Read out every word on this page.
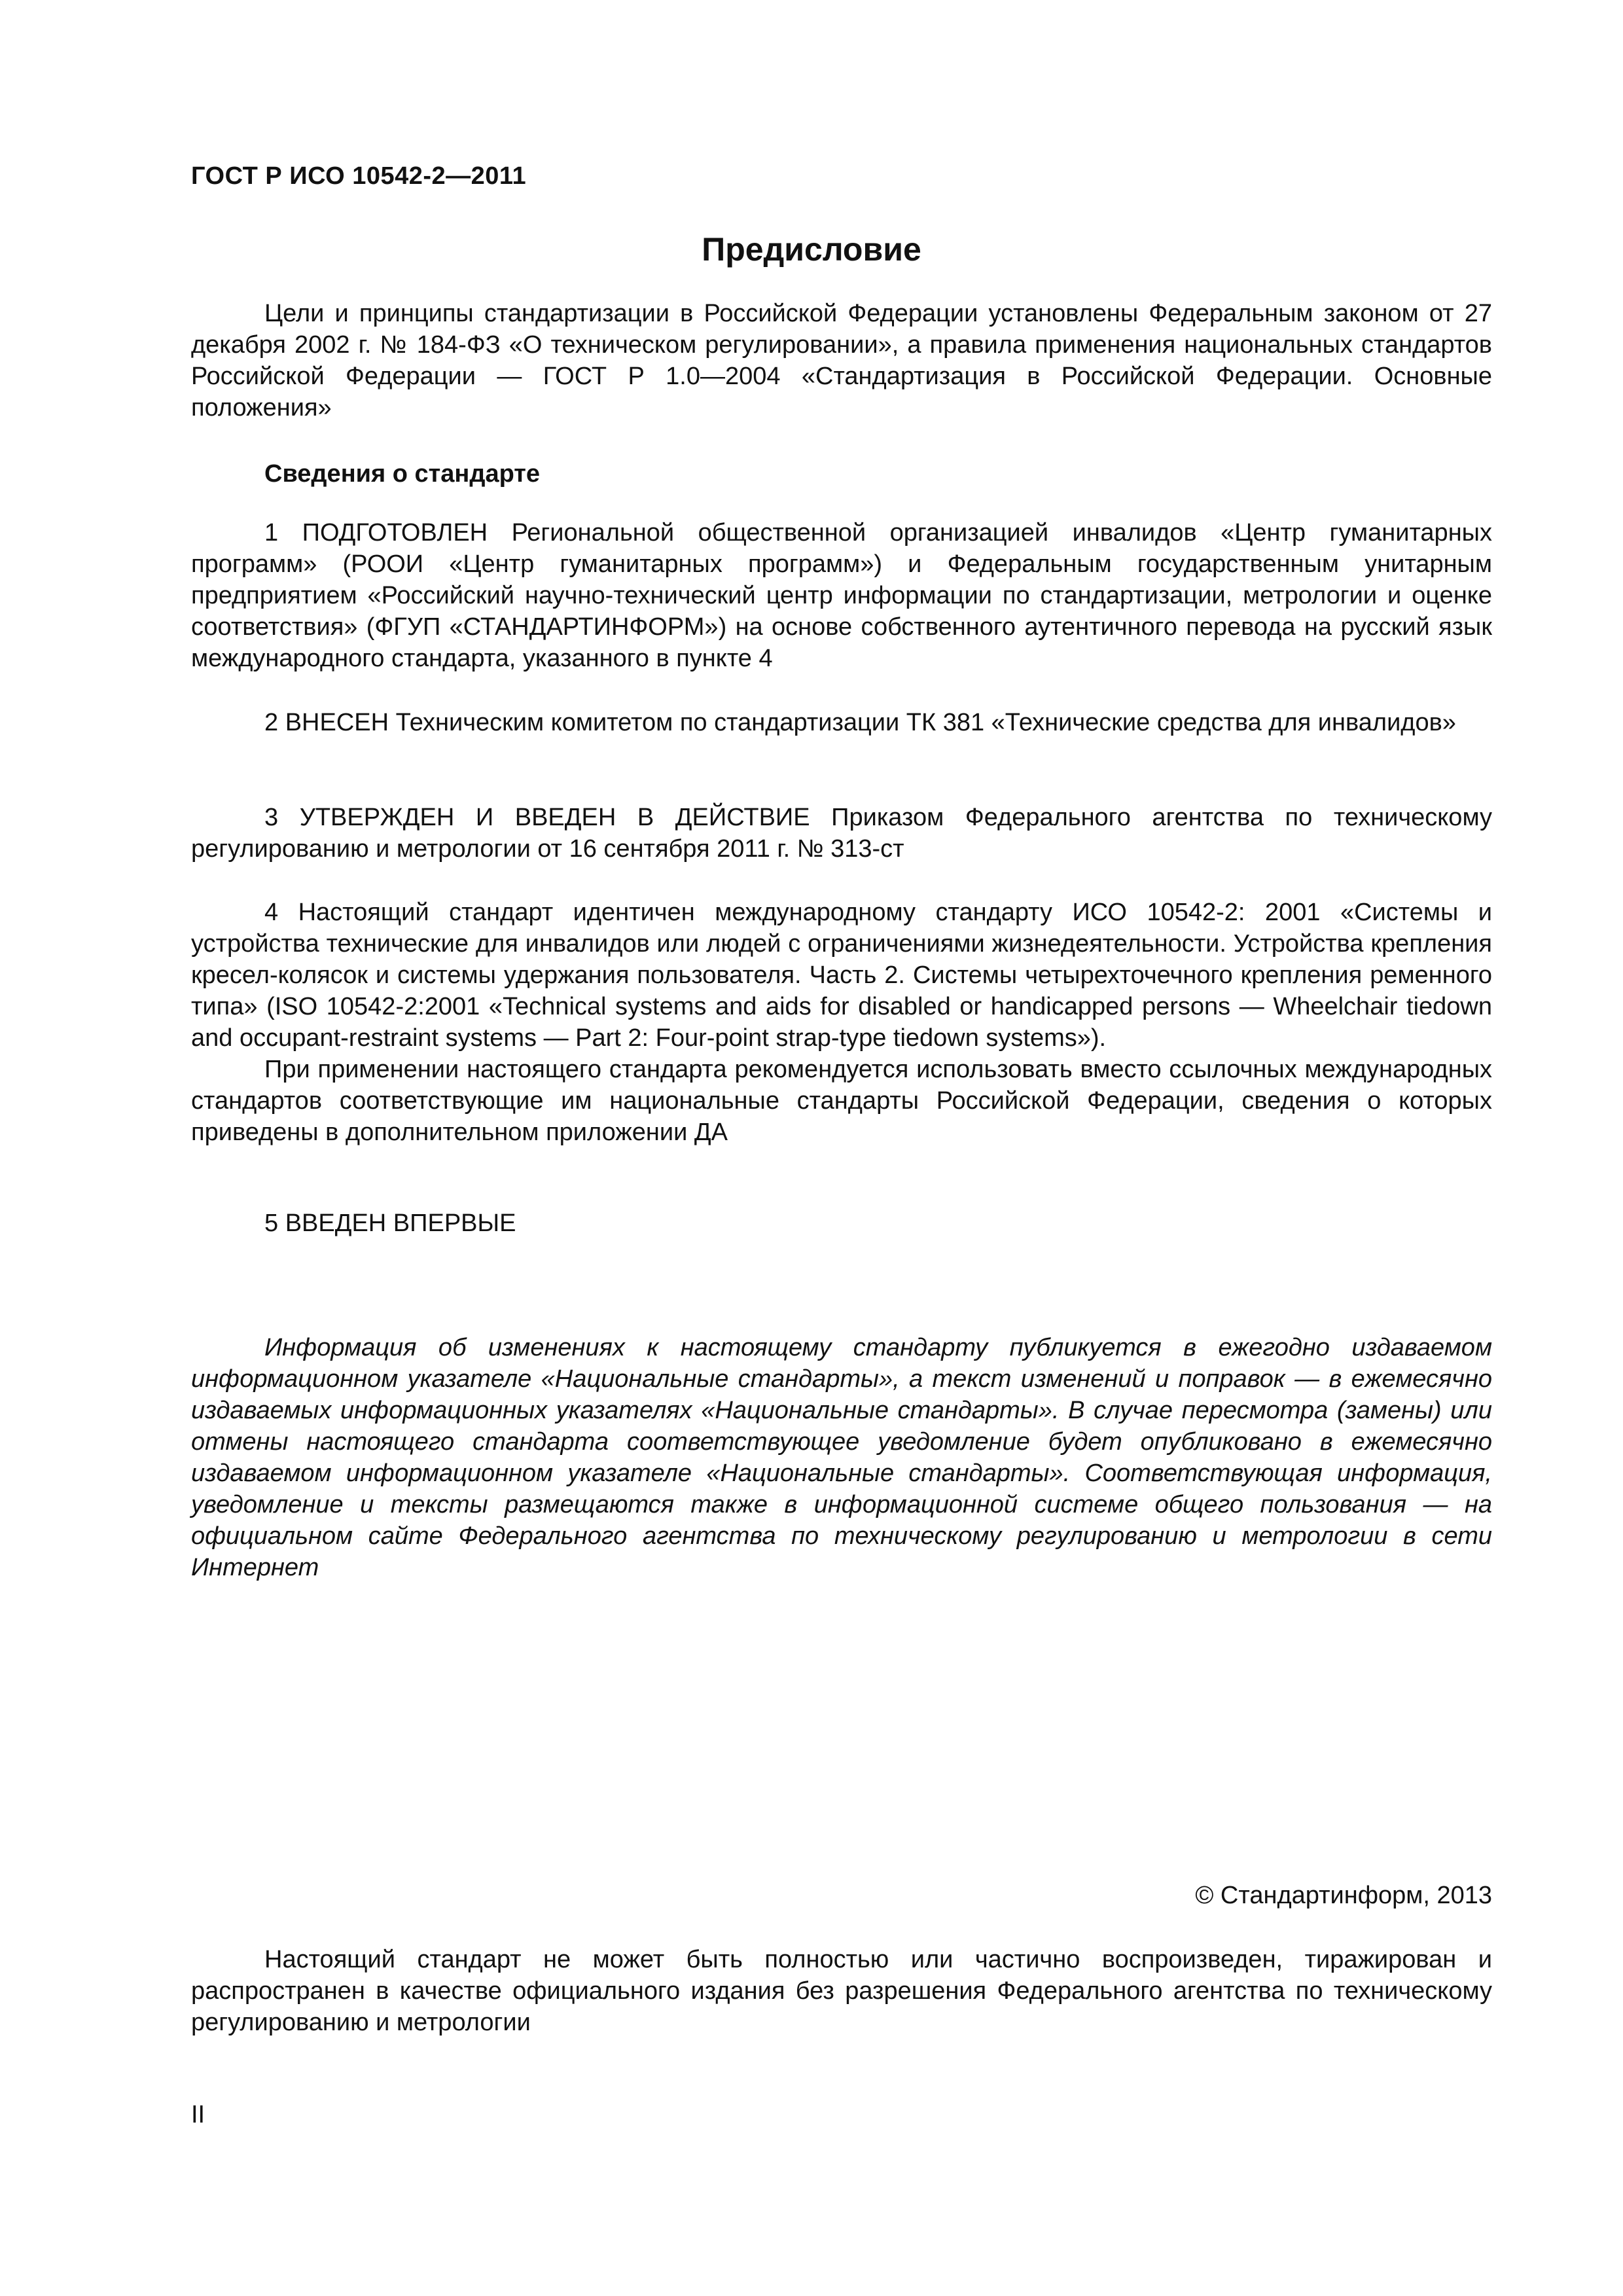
ГОСТ Р ИСО 10542-2—2011
Предисловие

Цели и принципы стандартизации в Российской Федерации установлены Федеральным законом от 27 декабря 2002 г. № 184-ФЗ «О техническом регулировании», а правила применения национальных стандартов Российской Федерации — ГОСТ Р 1.0—2004 «Стандартизация в Российской Федерации. Основные положения»

Сведения о стандарте

1 ПОДГОТОВЛЕН Региональной общественной организацией инвалидов «Центр гуманитарных программ» (РООИ «Центр гуманитарных программ») и Федеральным государственным унитарным предприятием «Российский научно-технический центр информации по стандартизации, метрологии и оценке соответствия» (ФГУП «СТАНДАРТИНФОРМ») на основе собственного аутентичного перевода на русский язык международного стандарта, указанного в пункте 4

2 ВНЕСЕН Техническим комитетом по стандартизации ТК 381 «Технические средства для инвалидов»

3 УТВЕРЖДЕН И ВВЕДЕН В ДЕЙСТВИЕ Приказом Федерального агентства по техническому регулированию и метрологии от 16 сентября 2011 г. № 313-ст

4 Настоящий стандарт идентичен международному стандарту ИСО 10542-2: 2001 «Системы и устройства технические для инвалидов или людей с ограничениями жизнедеятельности. Устройства крепления кресел-колясок и системы удержания пользователя. Часть 2. Системы четырехточечного крепления ременного типа» (ISO 10542-2:2001 «Technical systems and aids for disabled or handicapped persons — Wheelchair tiedown and occupant-restraint systems — Part 2: Four-point strap-type tiedown systems»).

При применении настоящего стандарта рекомендуется использовать вместо ссылочных международных стандартов соответствующие им национальные стандарты Российской Федерации, сведения о которых приведены в дополнительном приложении ДА

5 ВВЕДЕН ВПЕРВЫЕ

Информация об изменениях к настоящему стандарту публикуется в ежегодно издаваемом информационном указателе «Национальные стандарты», а текст изменений и поправок — в ежемесячно издаваемых информационных указателях «Национальные стандарты». В случае пересмотра (замены) или отмены настоящего стандарта соответствующее уведомление будет опубликовано в ежемесячно издаваемом информационном указателе «Национальные стандарты». Соответствующая информация, уведомление и тексты размещаются также в информационной системе общего пользования — на официальном сайте Федерального агентства по техническому регулированию и метрологии в сети Интернет

© Стандартинформ, 2013

Настоящий стандарт не может быть полностью или частично воспроизведен, тиражирован и распространен в качестве официального издания без разрешения Федерального агентства по техническому регулированию и метрологии

II
